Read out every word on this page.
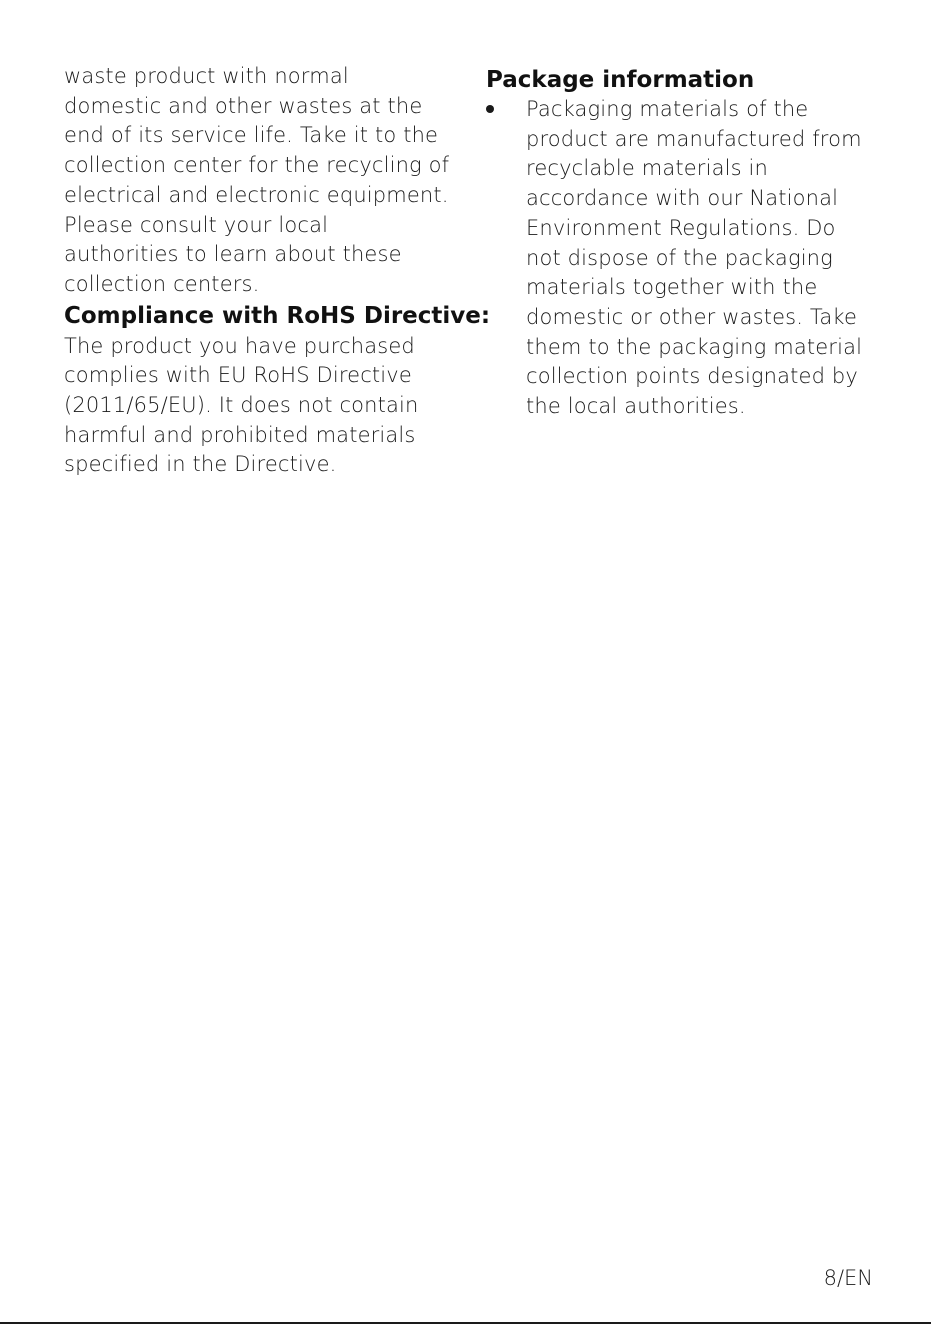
waste product with normal
domestic and other wastes at the
end of its service life. Take it to the
collection center for the recycling of
electrical and electronic equipment.
Please consult your local
authorities to learn about these
collection centers.
Compliance with RoHS Directive:
The product you have purchased
complies with EU RoHS Directive
(2011/65/EU). It does not contain
harmful and prohibited materials
specified in the Directive.
Package information
Packaging materials of the
product are manufactured from
recyclable materials in
accordance with our National
Environment Regulations. Do
not dispose of the packaging
materials together with the
domestic or other wastes. Take
them to the packaging material
collection points designated by
the local authorities.
8/EN
